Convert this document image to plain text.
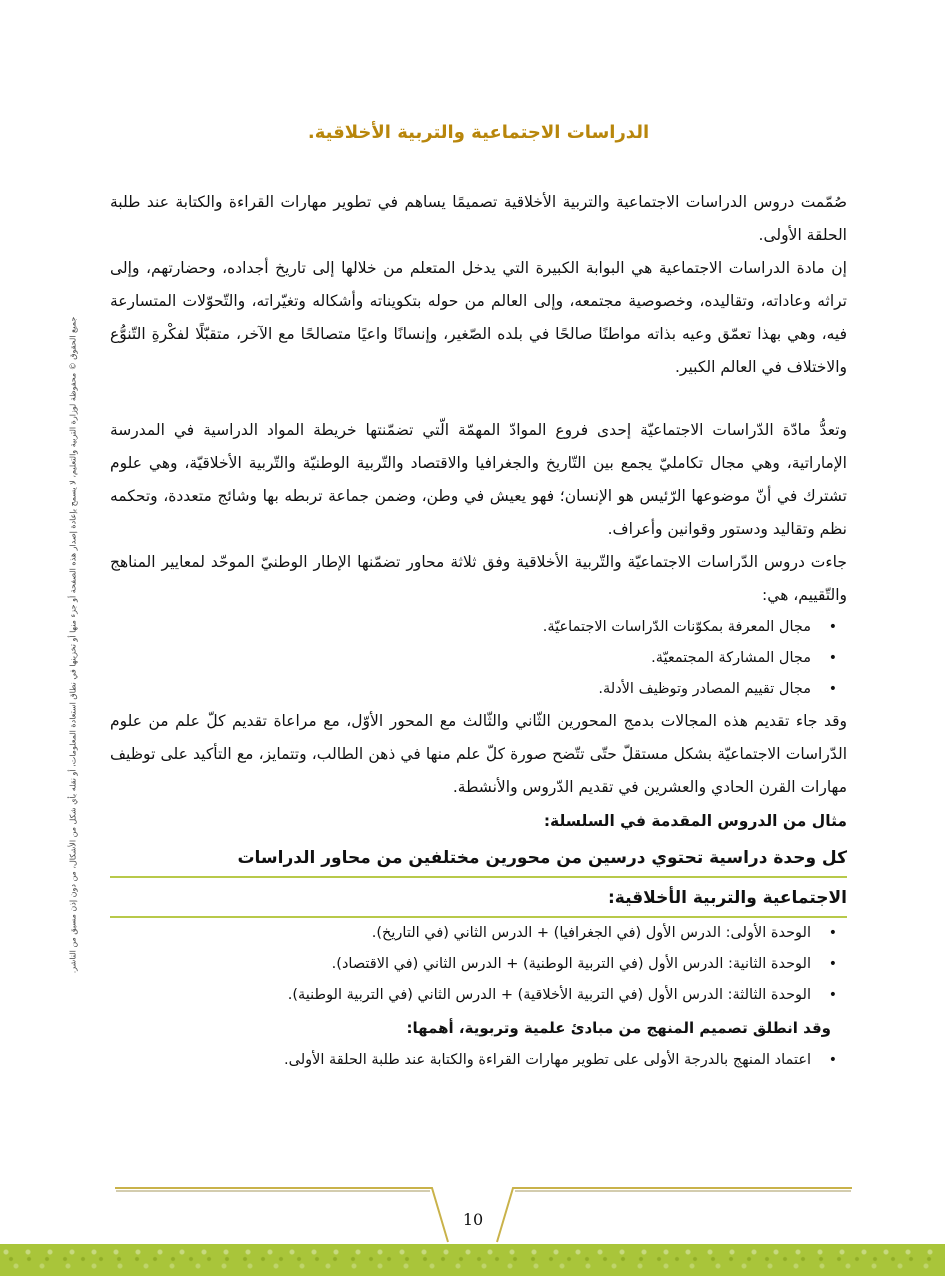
جميع الحقوق © محفوظة لوزارة التربية والتعليم، لا يسمح بإعادة إصدار هذه الصفحة أو جزء منها أو تخزينها في نطاق استعادة المعلومات، أو نقله بأي شكل من الأشكال، من دون إذن مسبق من الناشر.
الدراسات الاجتماعية والتربية الأخلاقية.

صُمّمت دروس الدراسات الاجتماعية والتربية الأخلاقية تصميمًا يساهم في تطوير مهارات القراءة والكتابة عند طلبة الحلقة الأولى.

إن مادة الدراسات الاجتماعية هي البوابة الكبيرة التي يدخل المتعلم من خلالها إلى تاريخ أجداده، وحضارتهم، وإلى تراثه وعاداته، وتقاليده، وخصوصية مجتمعه، وإلى العالم من حوله بتكويناته وأشكاله وتغيّراته، والتّحوّلات المتسارعة فيه، وهي بهذا تعمّق وعيه بذاته مواطنًا صالحًا في بلده الصّغير، وإنسانًا واعيًا متصالحًا مع الآخر، متقبّلًا لفكْرةِ التّنوُّع والاختلاف في العالم الكبير.

وتعدُّ مادّة الدّراسات الاجتماعيّة إحدى فروع الموادّ المهمّة الّتي تضمّنتها خريطة المواد الدراسية في المدرسة الإماراتية، وهي مجال تكامليّ يجمع بين التّاريخ والجغرافيا والاقتصاد والتّربية الوطنيّة والتّربية الأخلاقيّة، وهي علوم تشترك في أنّ موضوعها الرّئيس هو الإنسان؛ فهو يعيش في وطن، وضمن جماعة تربطه بها وشائج متعددة، وتحكمه نظم وتقاليد ودستور وقوانين وأعراف.

جاءت دروس الدّراسات الاجتماعيّة والتّربية الأخلاقية وفق ثلاثة محاور تضمّنها الإطار الوطنيّ الموحّد لمعايير المناهج والتّقييم، هي:

• مجال المعرفة بمكوّنات الدّراسات الاجتماعيّة.
• مجال المشاركة المجتمعيّة.
• مجال تقييم المصادر وتوظيف الأدلة.

وقد جاء تقديم هذه المجالات بدمج المحورين الثّاني والثّالث مع المحور الأوّل، مع مراعاة تقديم كلّ علم من علوم الدّراسات الاجتماعيّة بشكل مستقلّ حتّى تتّضح صورة كلّ علم منها في ذهن الطالب، وتتمايز، مع التأكيد على توظيف مهارات القرن الحادي والعشرين في تقديم الدّروس والأنشطة.

مثال من الدروس المقدمة في السلسلة:

كل وحدة دراسية تحتوي درسين من محورين مختلفين من محاور الدراسات
الاجتماعية والتربية الأخلاقية:
• الوحدة الأولى: الدرس الأول (في الجغرافيا) + الدرس الثاني (في التاريخ).
• الوحدة الثانية: الدرس الأول (في التربية الوطنية) + الدرس الثاني (في الاقتصاد).
• الوحدة الثالثة: الدرس الأول (في التربية الأخلاقية) + الدرس الثاني (في التربية الوطنية).

وقد انطلق تصميم المنهج من مبادئ علمية وتربوية، أهمها:

• اعتماد المنهج بالدرجة الأولى على تطوير مهارات القراءة والكتابة عند طلبة الحلقة الأولى.
10
